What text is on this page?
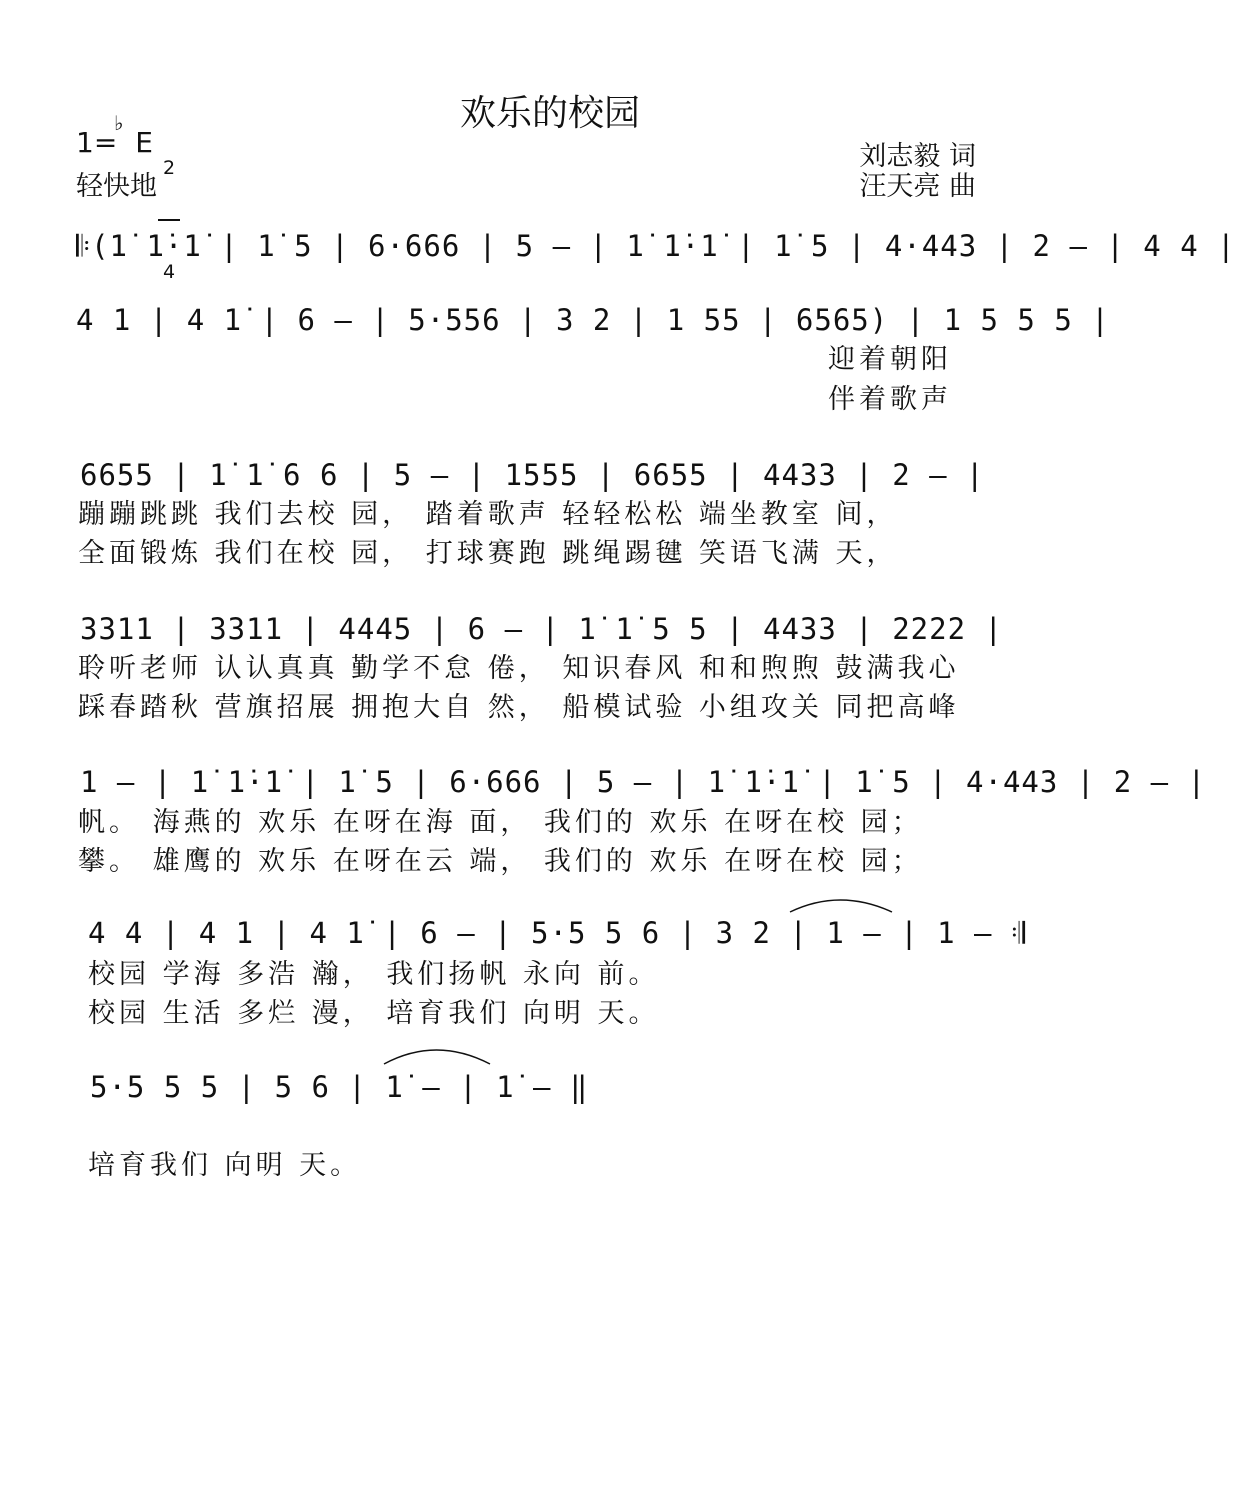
欢乐的校园
1= E
♭

2

4

轻快地
刘志毅 词
汪天亮 曲
𝄆(1̇ 1̇·1̇ | 1̇ 5 | 6·666 | 5 – | 1̇ 1̇·1̇ | 1̇ 5 | 4·443 | 2 – | 4 4 |
4 1 | 4 1̇ | 6 – | 5·556 | 3 2 | 1 55 | 6565) | 1 5 5 5 |
迎着朝阳
伴着歌声
6655 | 1̇ 1̇ 6 6 | 5 – | 1555 | 6655 | 4433 | 2 – |
蹦蹦跳跳 我们去校 园， 踏着歌声 轻轻松松 端坐教室 间，
全面锻炼 我们在校 园， 打球赛跑 跳绳踢毽 笑语飞满 天，
3311 | 3311 | 4445 | 6 – | 1̇ 1̇ 5 5 | 4433 | 2222 |
聆听老师 认认真真 勤学不怠 倦， 知识春风 和和煦煦 鼓满我心
踩春踏秋 营旗招展 拥抱大自 然， 船模试验 小组攻关 同把高峰
1 – | 1̇ 1̇·1̇ | 1̇ 5 | 6·666 | 5 – | 1̇ 1̇·1̇ | 1̇ 5 | 4·443 | 2 – |
帆。 海燕的 欢乐 在呀在海 面， 我们的 欢乐 在呀在校 园；
攀。 雄鹰的 欢乐 在呀在云 端， 我们的 欢乐 在呀在校 园；
4 4 | 4 1 | 4 1̇ | 6 – | 5·5 5 6 | 3 2 | 1 – | 1 – 𝄇
校园 学海 多浩 瀚， 我们扬帆 永向 前。
校园 生活 多烂 漫， 培育我们 向明 天。
5·5 5 5 | 5 6 | 1̇ – | 1̇ – ‖
培育我们 向明 天。
